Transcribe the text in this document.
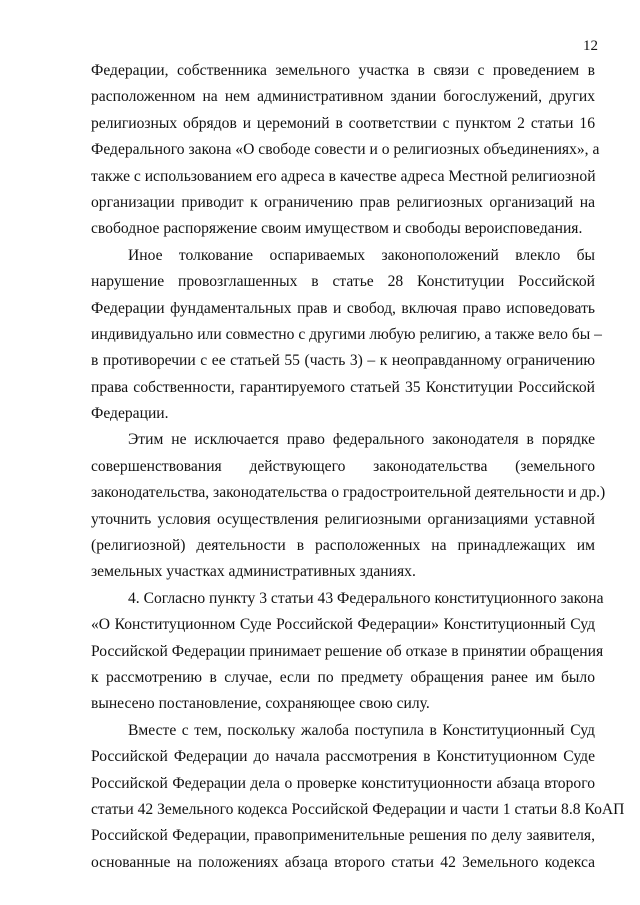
12
Федерации, собственника земельного участка в связи с проведением в
расположенном на нем административном здании богослужений, других
религиозных обрядов и церемоний в соответствии с пунктом 2 статьи 16
Федерального закона «О свободе совести и о религиозных объединениях», а
также с использованием его адреса в качестве адреса Местной религиозной
организации приводит к ограничению прав религиозных организаций на
свободное распоряжение своим имуществом и свободы вероисповедания.
Иное толкование оспариваемых законоположений влекло бы
нарушение провозглашенных в статье 28 Конституции Российской
Федерации фундаментальных прав и свобод, включая право исповедовать
индивидуально или совместно с другими любую религию, а также вело бы –
в противоречии с ее статьей 55 (часть 3) – к неоправданному ограничению
права собственности, гарантируемого статьей 35 Конституции Российской
Федерации.
Этим не исключается право федерального законодателя в порядке
совершенствования действующего законодательства (земельного
законодательства, законодательства о градостроительной деятельности и др.)
уточнить условия осуществления религиозными организациями уставной
(религиозной) деятельности в расположенных на принадлежащих им
земельных участках административных зданиях.
4. Согласно пункту 3 статьи 43 Федерального конституционного закона
«О Конституционном Суде Российской Федерации» Конституционный Суд
Российской Федерации принимает решение об отказе в принятии обращения
к рассмотрению в случае, если по предмету обращения ранее им было
вынесено постановление, сохраняющее свою силу.
Вместе с тем, поскольку жалоба поступила в Конституционный Суд
Российской Федерации до начала рассмотрения в Конституционном Суде
Российской Федерации дела о проверке конституционности абзаца второго
статьи 42 Земельного кодекса Российской Федерации и части 1 статьи 8.8 КоАП
Российской Федерации, правоприменительные решения по делу заявителя,
основанные на положениях абзаца второго статьи 42 Земельного кодекса
